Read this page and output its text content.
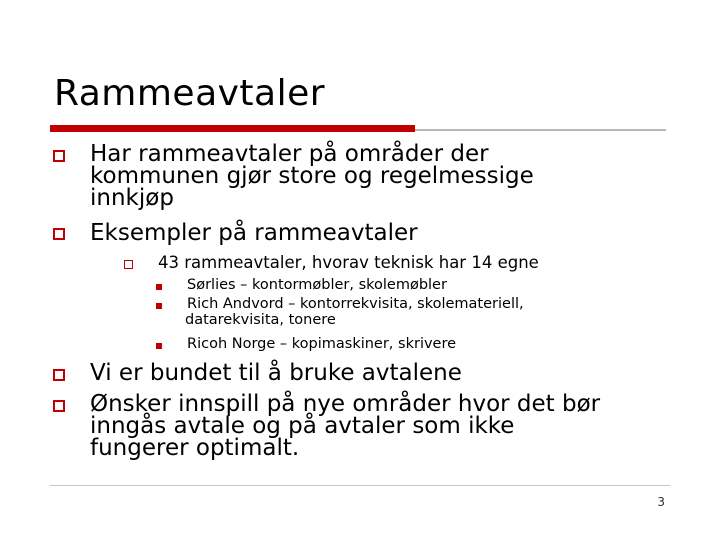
Rammeavtaler
Har rammeavtaler på områder der
kommunen gjør store og regelmessige
innkjøp
Eksempler på rammeavtaler
43 rammeavtaler, hvorav teknisk har 14 egne
Sørlies – kontormøbler, skolemøbler
Rich Andvord – kontorrekvisita, skolemateriell,
datarekvisita, tonere
Ricoh Norge – kopimaskiner, skrivere
Vi er bundet til å bruke avtalene
Ønsker innspill på nye områder hvor det bør
inngås avtale og på avtaler som ikke
fungerer optimalt.
3
